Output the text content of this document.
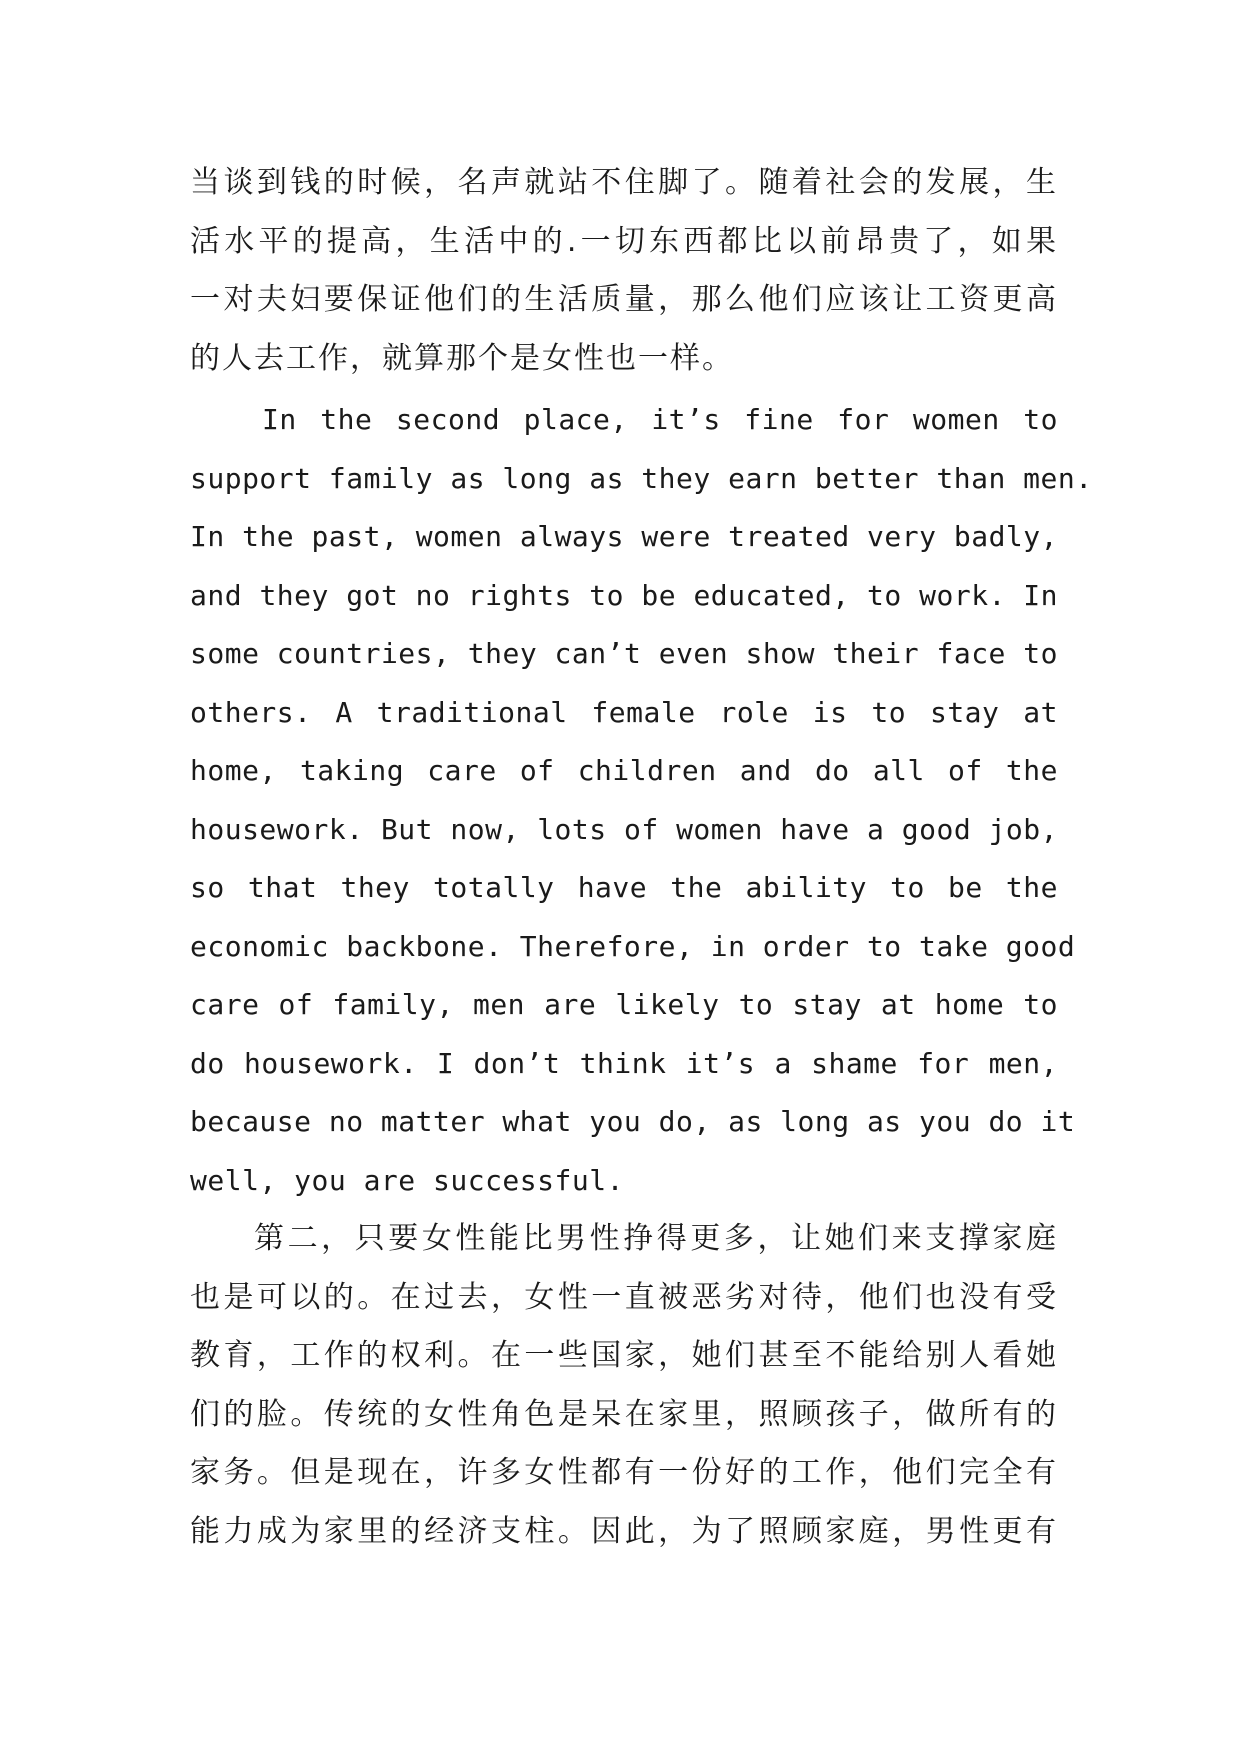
当谈到钱的时候，名声就站不住脚了。随着社会的发展，生
活水平的提高，生活中的.一切东西都比以前昂贵了，如果
一对夫妇要保证他们的生活质量，那么他们应该让工资更高
的人去工作，就算那个是女性也一样。
In the second place, it’s fine for women to
support family as long as they earn better than men.
In the past, women always were treated very badly,
and they got no rights to be educated, to work. In
some countries, they can’t even show their face to
others. A traditional female role is to stay at
home, taking care of children and do all of the
housework. But now, lots of women have a good job,
so that they totally have the ability to be the
economic backbone. Therefore, in order to take good
care of family, men are likely to stay at home to
do housework. I don’t think it’s a shame for men,
because no matter what you do, as long as you do it
well, you are successful.
第二，只要女性能比男性挣得更多，让她们来支撑家庭
也是可以的。在过去，女性一直被恶劣对待，他们也没有受
教育，工作的权利。在一些国家，她们甚至不能给别人看她
们的脸。传统的女性角色是呆在家里，照顾孩子，做所有的
家务。但是现在，许多女性都有一份好的工作，他们完全有
能力成为家里的经济支柱。因此，为了照顾家庭，男性更有
